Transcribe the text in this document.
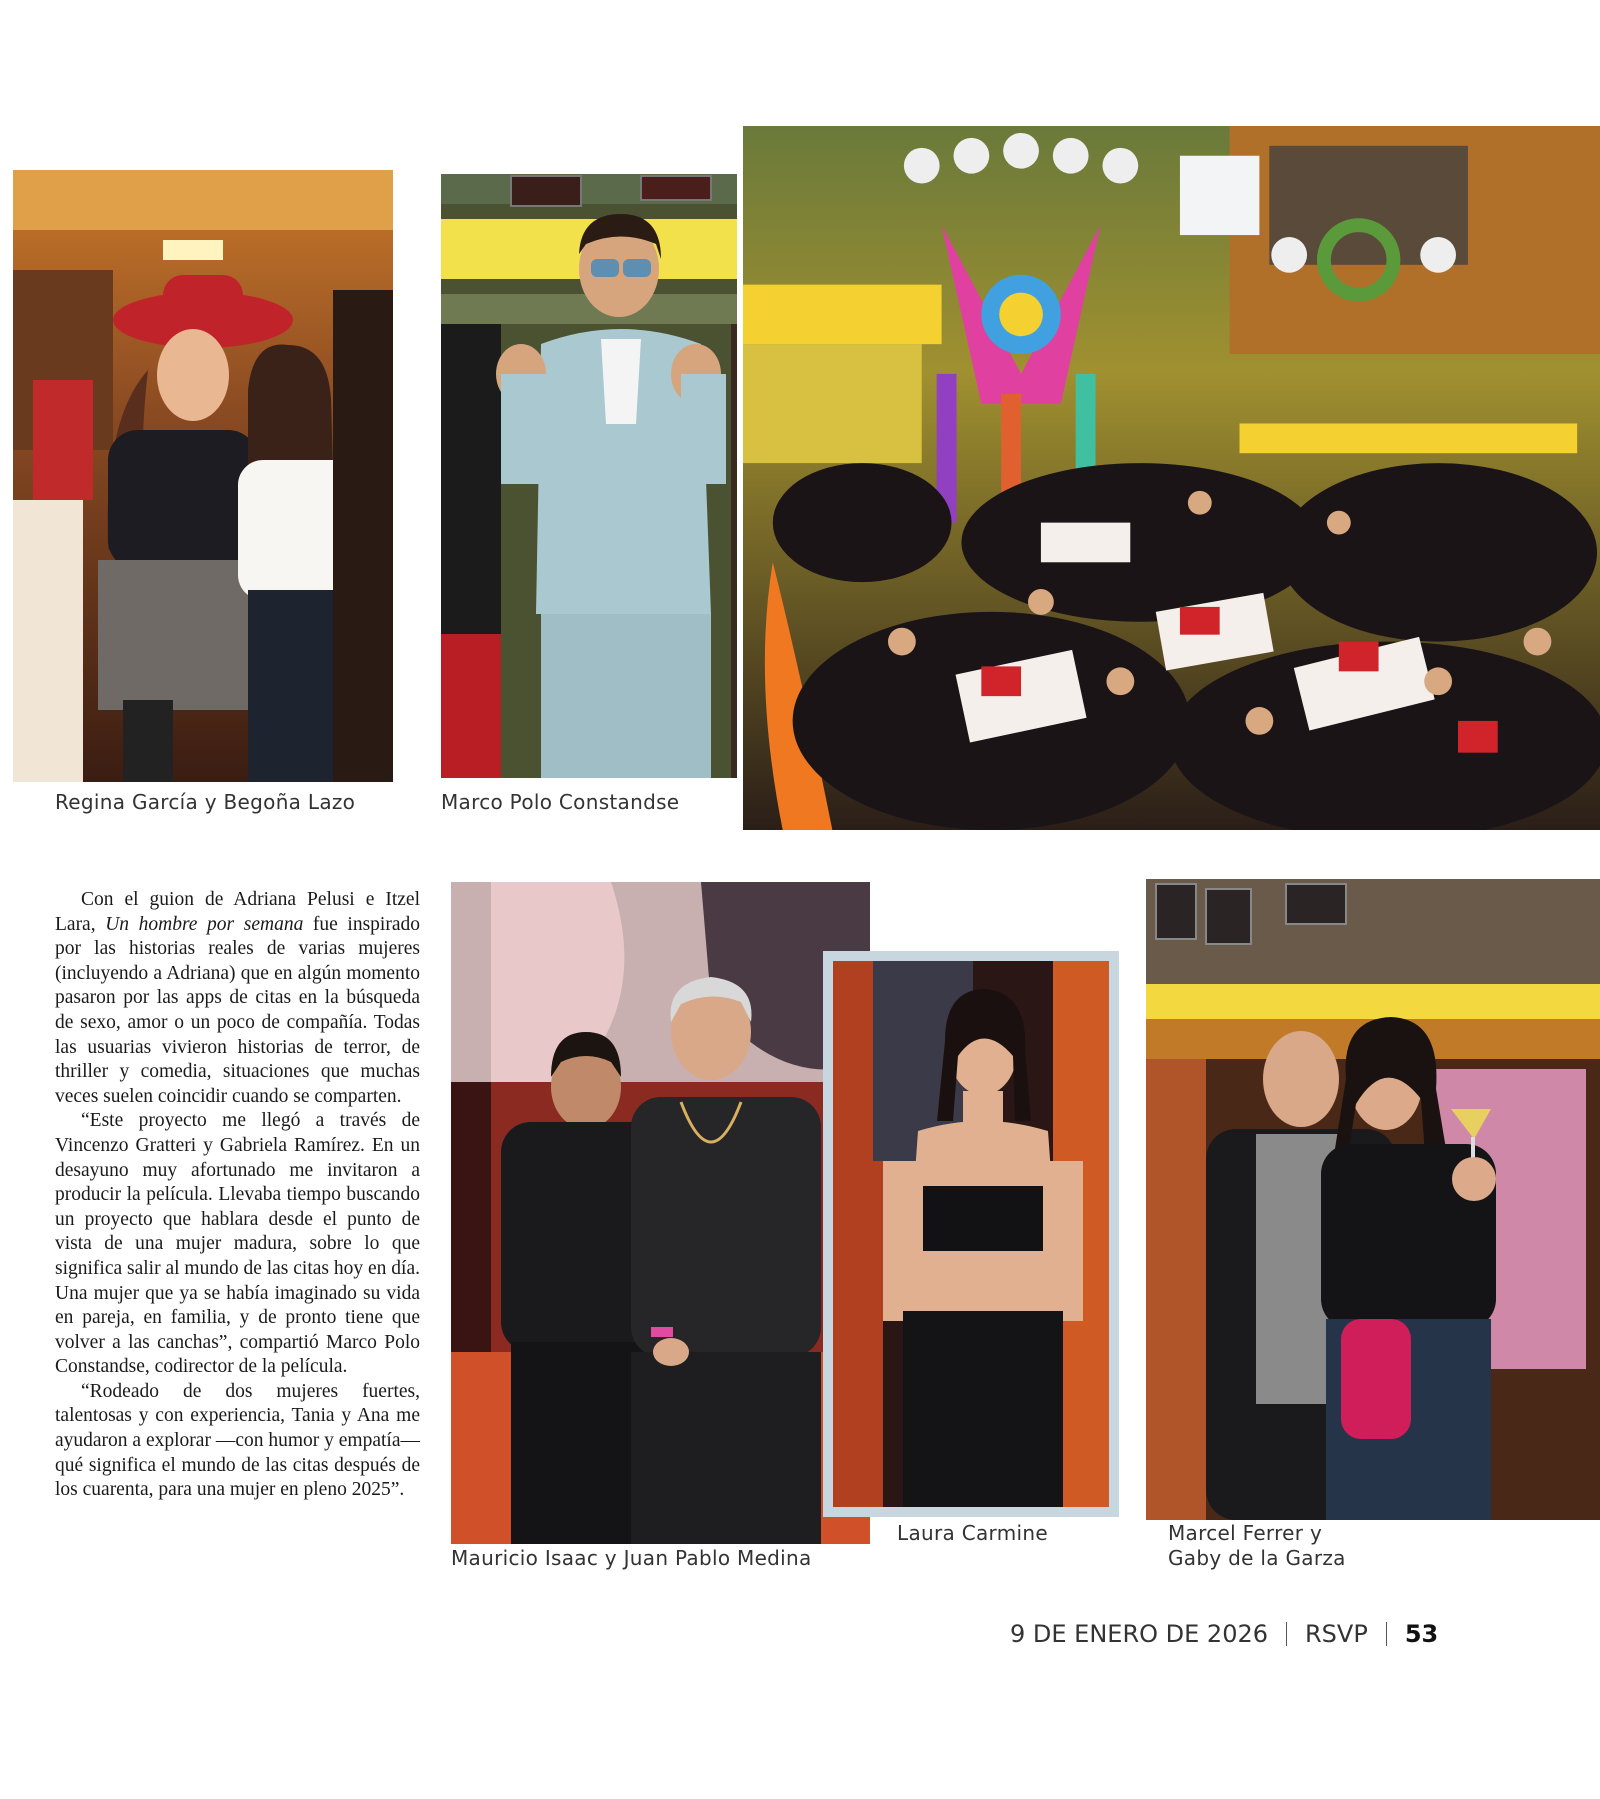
Regina García y Begoña Lazo	Marco Polo Constandse

Con el guion de Adriana Pelusi e Itzel Lara, Un hombre por semana fue inspirado por las historias reales de varias mujeres (incluyendo a Adriana) que en algún momento pasaron por las apps de citas en la búsqueda de sexo, amor o un poco de compañía. Todas las usuarias vivieron historias de terror, de thriller y comedia, situaciones que muchas veces suelen coincidir cuando se comparten.

“Este proyecto me llegó a través de Vincenzo Gratteri y Gabriela Ramírez. En un desayuno muy afortunado me invitaron a producir la película. Llevaba tiempo buscando un proyecto que hablara desde el punto de vista de una mujer madura, sobre lo que significa salir al mundo de las citas hoy en día. Una mujer que ya se había imaginado su vida en pareja, en familia, y de pronto tiene que volver a las canchas”, compartió Marco Polo Constandse, codirector de la película.

“Rodeado de dos mujeres fuertes, talentosas y con experiencia, Tania y Ana me ayudaron a explorar —con humor y empatía— qué significa el mundo de las citas después de los cuarenta, para una mujer en pleno 2025”.

Mauricio Isaac y Juan Pablo Medina
Laura Carmine	Marcel Ferrer y
Gaby de la Garza
9 DE ENERO DE 2026 RSVP 53
